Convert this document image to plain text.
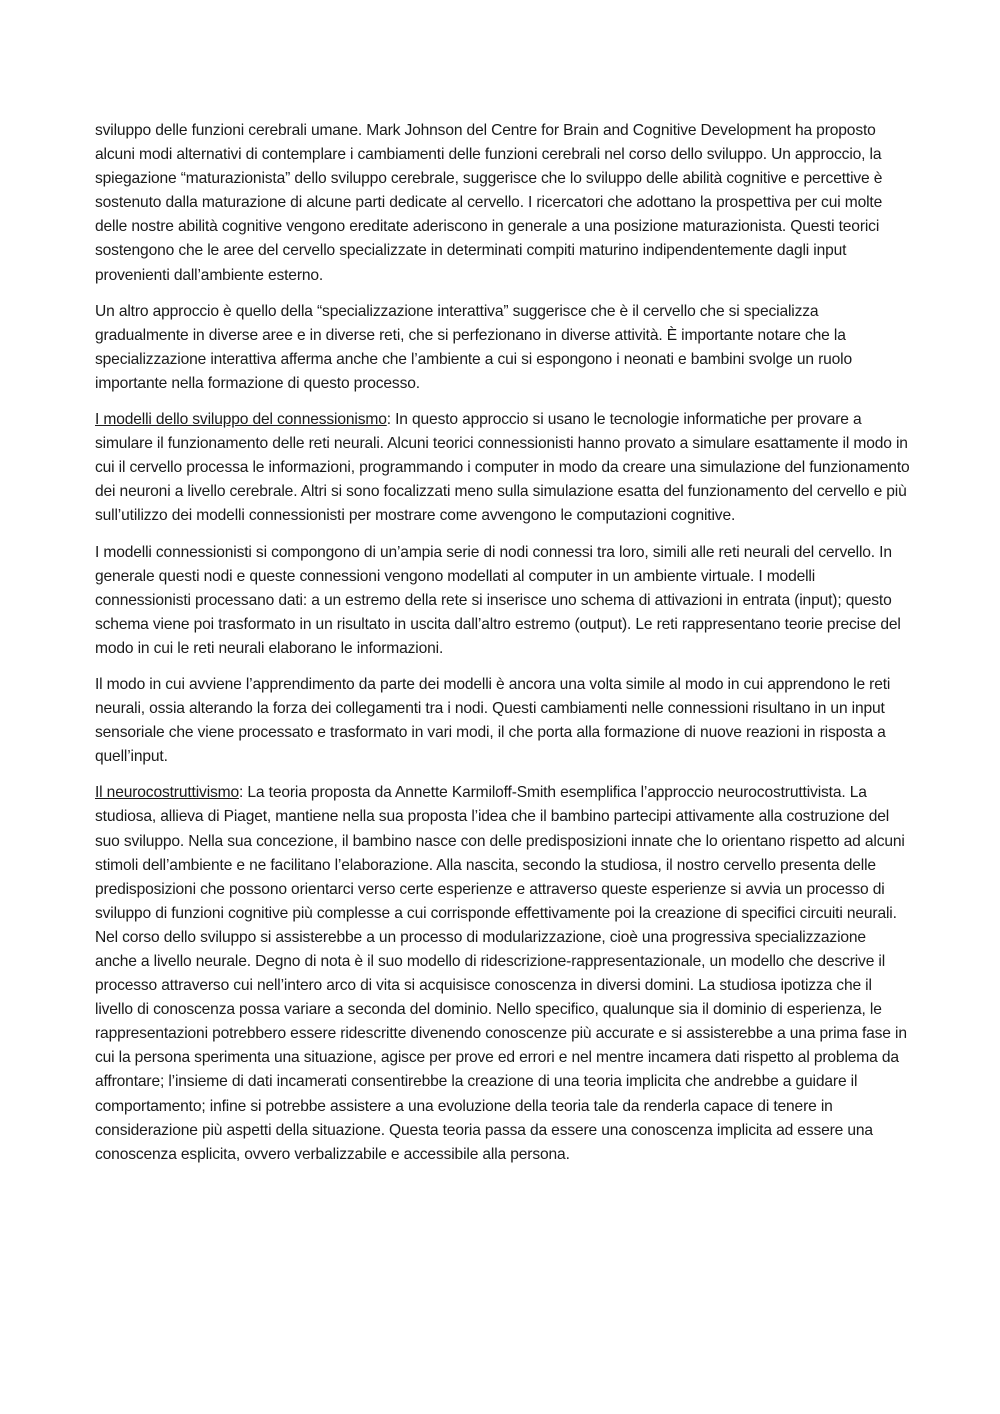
sviluppo delle funzioni cerebrali umane. Mark Johnson del Centre for Brain and Cognitive Development ha proposto alcuni modi alternativi di contemplare i cambiamenti delle funzioni cerebrali nel corso dello sviluppo. Un approccio, la spiegazione “maturazionista” dello sviluppo cerebrale, suggerisce che lo sviluppo delle abilità cognitive e percettive è sostenuto dalla maturazione di alcune parti dedicate al cervello. I ricercatori che adottano la prospettiva per cui molte delle nostre abilità cognitive vengono ereditate aderiscono in generale a una posizione maturazionista. Questi teorici sostengono che le aree del cervello specializzate in determinati compiti maturino indipendentemente dagli input provenienti dall’ambiente esterno.

Un altro approccio è quello della “specializzazione interattiva” suggerisce che è il cervello che si specializza gradualmente in diverse aree e in diverse reti, che si perfezionano in diverse attività. È importante notare che la specializzazione interattiva afferma anche che l’ambiente a cui si espongono i neonati e bambini svolge un ruolo importante nella formazione di questo processo.

I modelli dello sviluppo del connessionismo: In questo approccio si usano le tecnologie informatiche per provare a simulare il funzionamento delle reti neurali. Alcuni teorici connessionisti hanno provato a simulare esattamente il modo in cui il cervello processa le informazioni, programmando i computer in modo da creare una simulazione del funzionamento dei neuroni a livello cerebrale. Altri si sono focalizzati meno sulla simulazione esatta del funzionamento del cervello e più sull’utilizzo dei modelli connessionisti per mostrare come avvengono le computazioni cognitive.

I modelli connessionisti si compongono di un’ampia serie di nodi connessi tra loro, simili alle reti neurali del cervello. In generale questi nodi e queste connessioni vengono modellati al computer in un ambiente virtuale. I modelli connessionisti processano dati: a un estremo della rete si inserisce uno schema di attivazioni in entrata (input); questo schema viene poi trasformato in un risultato in uscita dall’altro estremo (output). Le reti rappresentano teorie precise del modo in cui le reti neurali elaborano le informazioni.

Il modo in cui avviene l’apprendimento da parte dei modelli è ancora una volta simile al modo in cui apprendono le reti neurali, ossia alterando la forza dei collegamenti tra i nodi. Questi cambiamenti nelle connessioni risultano in un input sensoriale che viene processato e trasformato in vari modi, il che porta alla formazione di nuove reazioni in risposta a quell’input.

Il neurocostruttivismo: La teoria proposta da Annette Karmiloff-Smith esemplifica l’approccio neurocostruttivista. La studiosa, allieva di Piaget, mantiene nella sua proposta l’idea che il bambino partecipi attivamente alla costruzione del suo sviluppo. Nella sua concezione, il bambino nasce con delle predisposizioni innate che lo orientano rispetto ad alcuni stimoli dell’ambiente e ne facilitano l’elaborazione. Alla nascita, secondo la studiosa, il nostro cervello presenta delle predisposizioni che possono orientarci verso certe esperienze e attraverso queste esperienze si avvia un processo di sviluppo di funzioni cognitive più complesse a cui corrisponde effettivamente poi la creazione di specifici circuiti neurali. Nel corso dello sviluppo si assisterebbe a un processo di modularizzazione, cioè una progressiva specializzazione anche a livello neurale. Degno di nota è il suo modello di ridescrizione-rappresentazionale, un modello che descrive il processo attraverso cui nell’intero arco di vita si acquisisce conoscenza in diversi domini. La studiosa ipotizza che il livello di conoscenza possa variare a seconda del dominio. Nello specifico, qualunque sia il dominio di esperienza, le rappresentazioni potrebbero essere ridescritte divenendo conoscenze più accurate e si assisterebbe a una prima fase in cui la persona sperimenta una situazione, agisce per prove ed errori e nel mentre incamera dati rispetto al problema da affrontare; l’insieme di dati incamerati consentirebbe la creazione di una teoria implicita che andrebbe a guidare il comportamento; infine si potrebbe assistere a una evoluzione della teoria tale da renderla capace di tenere in considerazione più aspetti della situazione. Questa teoria passa da essere una conoscenza implicita ad essere una conoscenza esplicita, ovvero verbalizzabile e accessibile alla persona.
